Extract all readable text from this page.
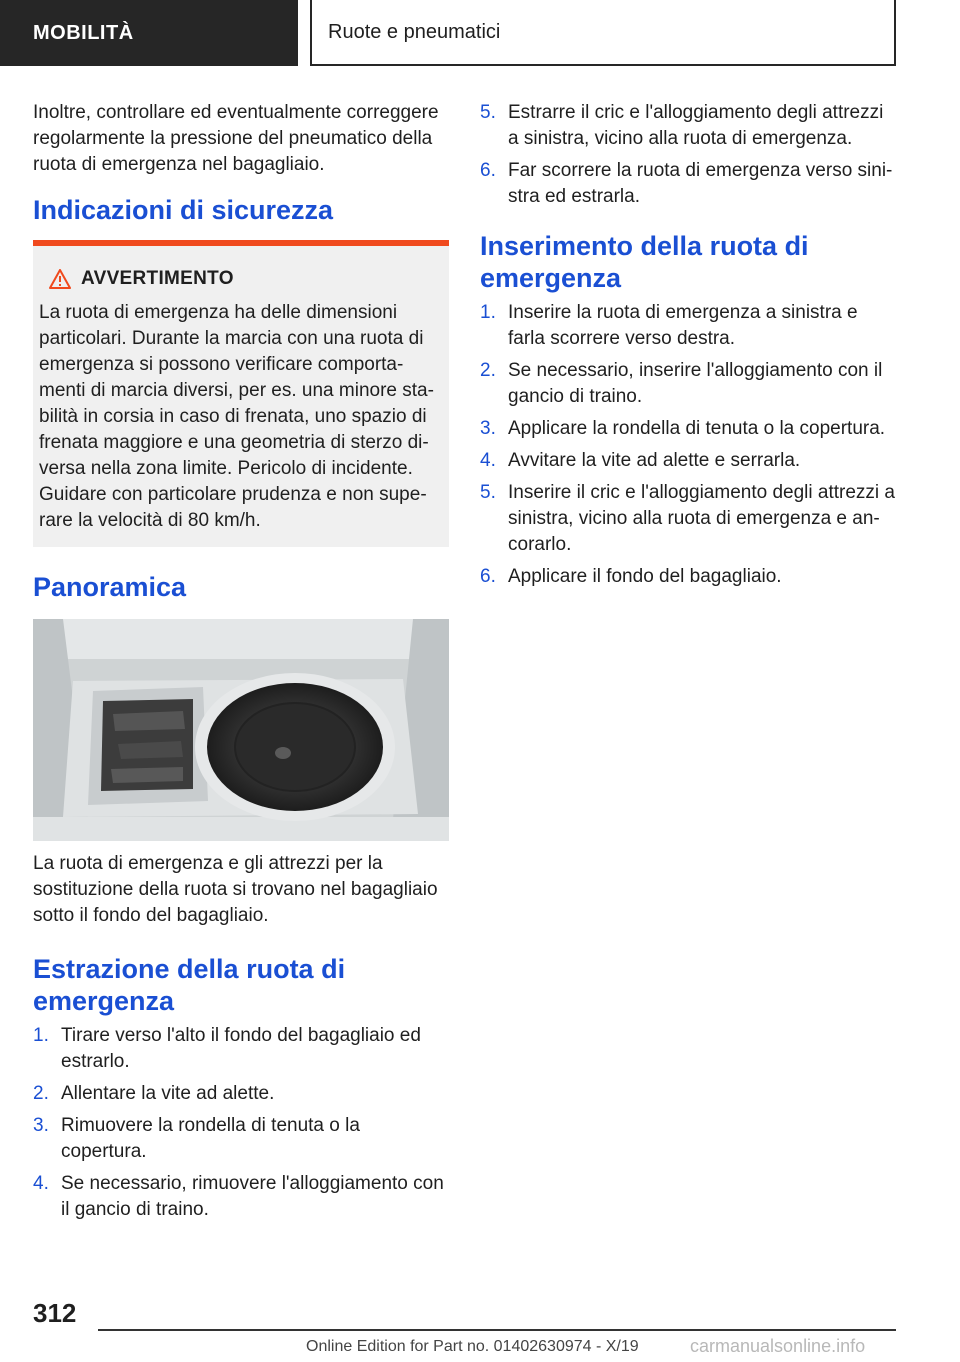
MOBILITÀ	Ruote e pneumatici

Inoltre, controllare ed eventualmente correggere regolarmente la pressione del pneumatico della ruota di emergenza nel bagagliaio.

Indicazioni di sicurezza
AVVERTIMENTO

La ruota di emergenza ha delle dimensioni particolari. Durante la marcia con una ruota di emergenza si possono verificare comportamenti di marcia diversi, per es. una minore stabilità in corsia in caso di frenata, uno spazio di frenata maggiore e una geometria di sterzo diversa nella zona limite. Pericolo di incidente. Guidare con particolare prudenza e non superare la velocità di 80 km/h.

Panoramica

La ruota di emergenza e gli attrezzi per la sostituzione della ruota si trovano nel bagagliaio sotto il fondo del bagagliaio.

Estrazione della ruota di emergenza
1. Tirare verso l'alto il fondo del bagagliaio ed estrarlo.
2. Allentare la vite ad alette.
3. Rimuovere la rondella di tenuta o la copertura.
4. Se necessario, rimuovere l'alloggiamento con il gancio di traino.
5. Estrarre il cric e l'alloggiamento degli attrezzi a sinistra, vicino alla ruota di emergenza.
6. Far scorrere la ruota di emergenza verso sinistra ed estrarla.
Inserimento della ruota di emergenza
1. Inserire la ruota di emergenza a sinistra e farla scorrere verso destra.
2. Se necessario, inserire l'alloggiamento con il gancio di traino.
3. Applicare la rondella di tenuta o la copertura.
4. Avvitare la vite ad alette e serrarla.
5. Inserire il cric e l'alloggiamento degli attrezzi a sinistra, vicino alla ruota di emergenza e ancorarlo.
6. Applicare il fondo del bagagliaio.
312
Online Edition for Part no. 01402630974 - X/19	carmanualsonline.info
